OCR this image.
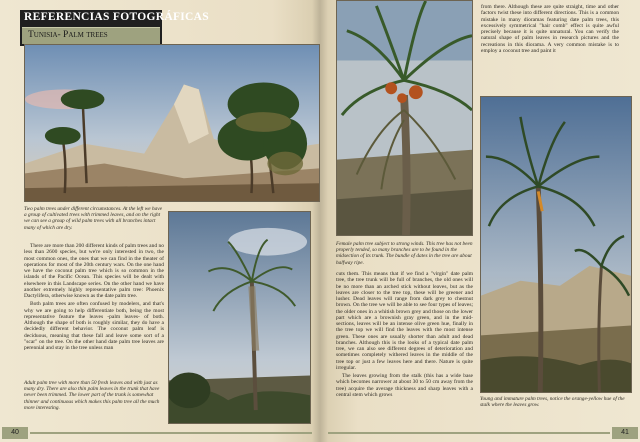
REFERENCIAS FOTOGRÁFICAS
Tunisia- Palm trees
Two palm trees under different circumstances. At the left we have a group of cultivated trees with trimmed leaves, and on the right we can see a group of wild palm trees with all branches intact many of which are dry.

There are more than 200 different kinds of palm trees and no less than 2600 species, but we're only interested in two, the most common ones, the ones that we can find in the theater of operations for most of the 20th century wars. On the one hand we have the coconut palm tree which is so common in the islands of the Pacific Ocean. This species will be dealt with elsewhere in this Landscape series. On the other hand we have another extremely highly representative palm tree: Phoenix Dactylifera, otherwise known as the date palm tree.

Both palm trees are often confused by modelers, and that's why we are going to help differentiate both, being the most representative feature the leaves -palm leaves- of both. Although the shape of both is roughly similar, they do have a decidedly different behavior. The coconut palm leaf is deciduous, meaning that these fall and leave some sort of a "scar" on the tree. On the other hand date palm tree leaves are perennial and stay in the tree unless man

Adult palm tree with more than 50 fresh leaves and with just as many dry. There are also thin palm leaves in the trunk that have never been trimmed. The lower part of the trunk is somewhat thinner and continuous which makes this palm tree all the much more interesting.
Female palm tree subject to strong winds. This tree has not been properly tended, so many branches are to be found in the midsection of its trunk. The bundle of dates in the tree are about halfway ripe.

cuts them. This means that if we find a "virgin" date palm tree, the tree trunk will be full of branches, the old ones will be no more than an arched stick without leaves, but as the leaves are closer to the tree top, these will be greener and lusher. Dead leaves will range from dark grey to chestnut brown. On the tree we will be able to see four types of leaves; the older ones in a whitish brown grey and those on the lower part which are a brownish gray green, and in the mid-sections, leaves will be an intense olive green hue, finally in the tree top we will find the leaves with the most intense green. These ones are usually shorter than adult and dead branches. Although this is the looks of a typical date palm tree, we can also see different degrees of deterioration and sometimes completely withered leaves in the middle of the tree top or just a few leaves here and there. Nature is quite irregular.

The leaves growing from the stalk (this has a wide base which becomes narrower at about 30 to 50 cm away from the tree) acquire the average thickness and sharp leaves with a central stem which grows

from there. Although these are quite straight, time and other factors twist these into different directions. This is a common mistake in many dioramas featuring date palm trees, this excessively symmetrical "hair comb" effect is quite awful precisely because it is quite unnatural. You can verify the natural shape of palm leaves in research pictures and the recreations in this diorama. A very common mistake is to employ a coconut tree and paint it

Young and immature palm trees, notice the orange-yellow hue of the stalk where the leaves grow.
40	41
